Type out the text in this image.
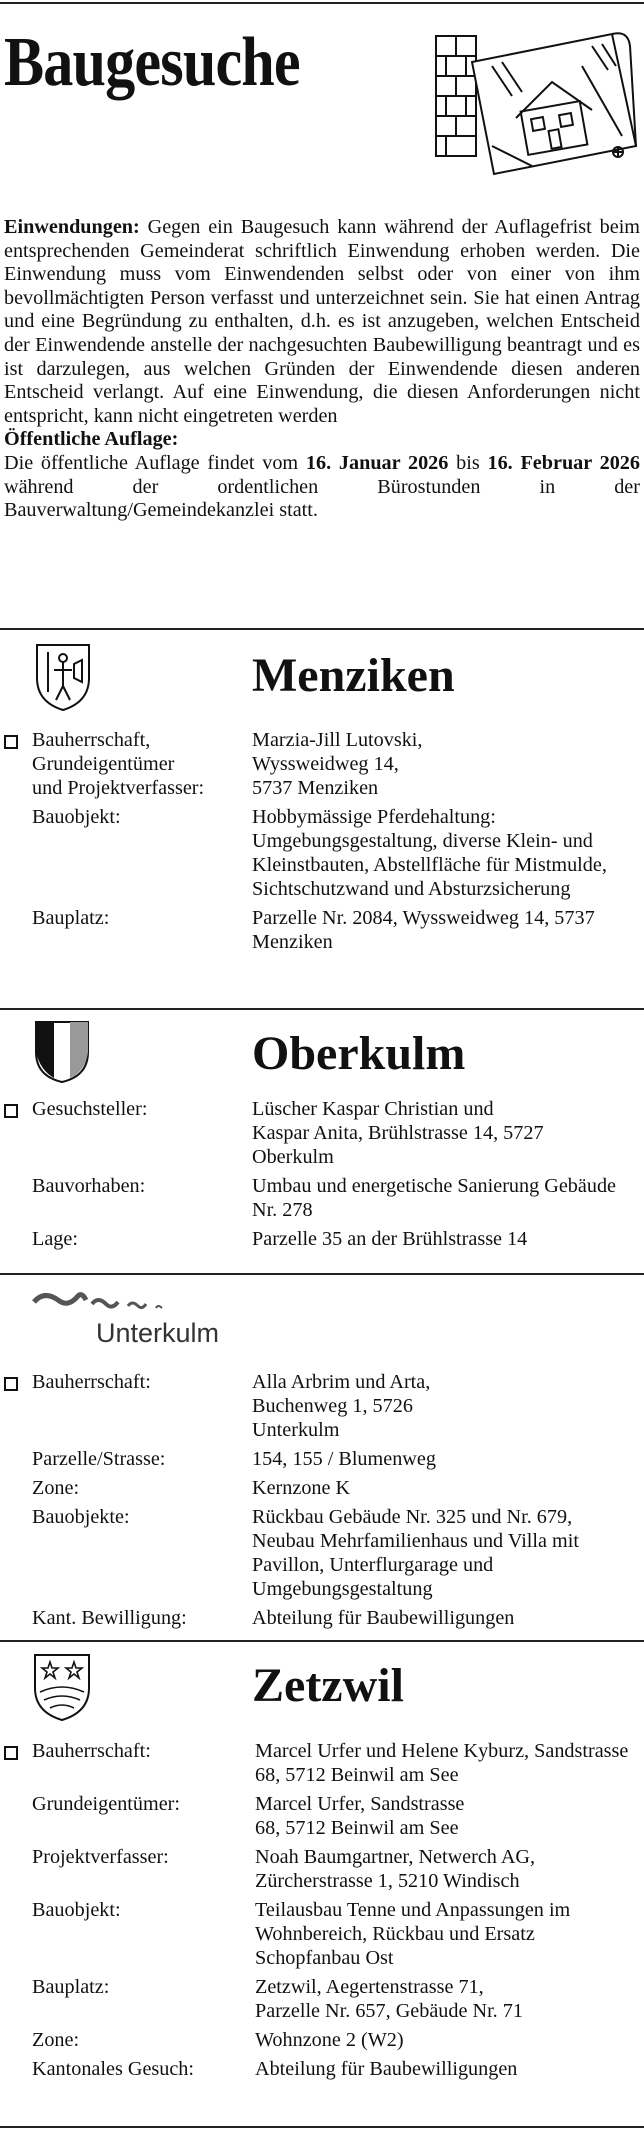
Baugesuche

Einwendungen: Gegen ein Baugesuch kann während der Auflagefrist beim entsprechenden Gemeinderat schriftlich Einwendung erhoben werden. Die Einwendung muss vom Einwendenden selbst oder von einer von ihm bevollmächtigten Person verfasst und unterzeichnet sein. Sie hat einen Antrag und eine Begründung zu enthalten, d.h. es ist anzugeben, welchen Entscheid der Einwendende anstelle der nachgesuchten Baubewilligung beantragt und es ist darzulegen, aus welchen Gründen der Einwendende diesen anderen Entscheid verlangt. Auf eine Einwendung, die diesen Anforderungen nicht entspricht, kann nicht eingetreten werden

Öffentliche Auflage:

Die öffentliche Auflage findet vom 16. Januar 2026 bis 16. Februar 2026 während der ordentlichen Bürostunden in der Bauverwaltung/Gemeindekanzlei statt.

Menziken
Bauherrschaft,	Marzia-Jill Lutovski,
Grundeigentümer	Wyssweidweg 14,
und Projektverfasser:	5737 Menziken
Bauobjekt:	Hobbymässige Pferdehaltung: Umgebungsgestaltung, diverse Klein- und Kleinstbauten, Abstellfläche für Mistmulde, Sichtschutzwand und Absturzsicherung
Bauplatz:	Parzelle Nr. 2084, Wyssweidweg 14, 5737 Menziken
Oberkulm
Gesuchsteller:	Lüscher Kaspar Christian und Kaspar Anita, Brühlstrasse 14, 5727 Oberkulm
Bauvorhaben:	Umbau und energetische Sanierung Gebäude Nr. 278
Lage:	Parzelle 35 an der Brühlstrasse 14
Unterkulm
Bauherrschaft:	Alla Arbrim und Arta, Buchenweg 1, 5726 Unterkulm
Parzelle/Strasse:	154, 155 / Blumenweg
Zone:	Kernzone K
Bauobjekte:	Rückbau Gebäude Nr. 325 und Nr. 679, Neubau Mehrfamilienhaus und Villa mit Pavillon, Unterflurgarage und Umgebungsgestaltung
Kant. Bewilligung:	Abteilung für Baubewilligungen
Zetzwil
Bauherrschaft:	Marcel Urfer und Helene Kyburz, Sandstrasse 68, 5712 Beinwil am See
Grundeigentümer:	Marcel Urfer, Sandstrasse 68, 5712 Beinwil am See
Projektverfasser:	Noah Baumgartner, Netwerch AG, Zürcherstrasse 1, 5210 Windisch
Bauobjekt:	Teilausbau Tenne und Anpassungen im Wohnbereich, Rückbau und Ersatz Schopfanbau Ost
Bauplatz:	Zetzwil, Aegertenstrasse 71, Parzelle Nr. 657, Gebäude Nr. 71
Zone:	Wohnzone 2 (W2)
Kantonales Gesuch:	Abteilung für Baubewilligungen
